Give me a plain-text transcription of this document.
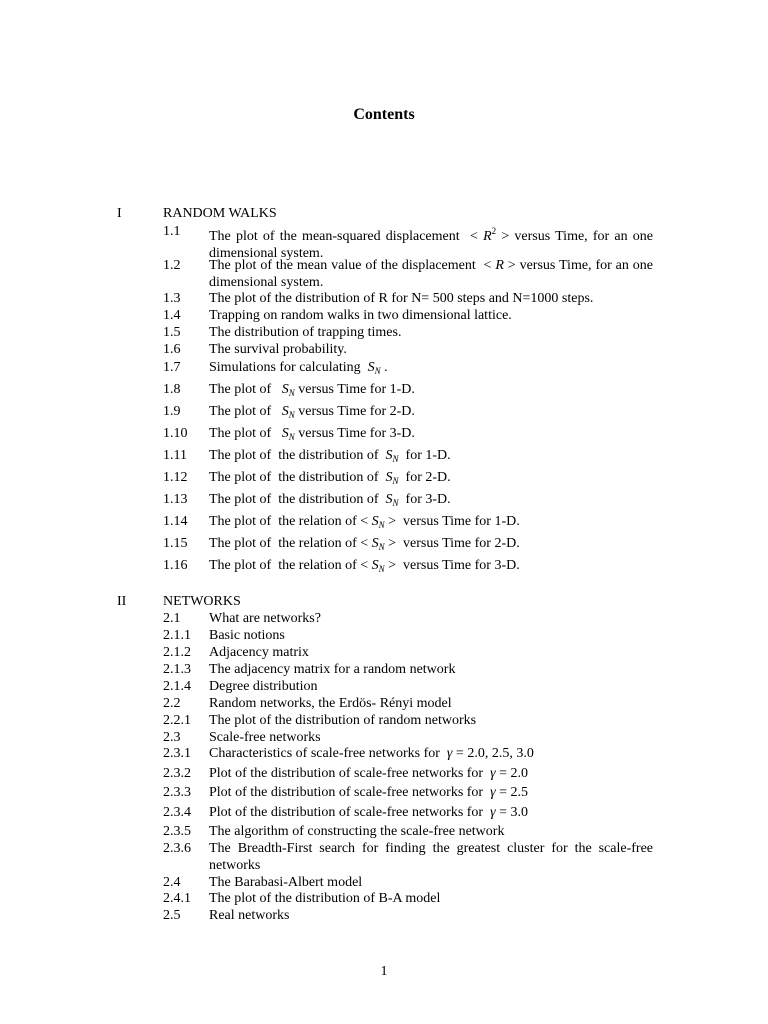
Contents
I	RANDOM WALKS
1.1 The plot of the mean-squared displacement  < $R^2$ > versus Time, for an one dimensional system.
1.2 The plot of the mean value of the displacement  < R > versus Time, for an one dimensional system.
1.3 The plot of the distribution of R for N= 500 steps and N=1000 steps.
1.4 Trapping on random walks in two dimensional lattice.
1.5 The distribution of trapping times.
1.6 The survival probability.
1.7 Simulations for calculating  $S_N$ .
1.8 The plot of   $S_N$ versus Time for 1-D.
1.9 The plot of   $S_N$ versus Time for 2-D.
1.10 The plot of   $S_N$ versus Time for 3-D.
1.11 The plot of  the distribution of  $S_N$  for 1-D.
1.12 The plot of  the distribution of  $S_N$  for 2-D.
1.13 The plot of  the distribution of  $S_N$  for 3-D.
1.14 The plot of  the relation of < $S_N$ >  versus Time for 1-D.
1.15 The plot of  the relation of < $S_N$ >  versus Time for 2-D.
1.16 The plot of  the relation of < $S_N$ >  versus Time for 3-D.
II	NETWORKS
2.1 What are networks?
2.1.1 Basic notions
2.1.2 Adjacency matrix
2.1.3 The adjacency matrix for a random network
2.1.4 Degree distribution
2.2 Random networks, the Erdös- Rényi model
2.2.1 The plot of the distribution of random networks
2.3 Scale-free networks
2.3.1 Characteristics of scale-free networks for  γ = 2.0, 2.5, 3.0
2.3.2 Plot of the distribution of scale-free networks for  γ = 2.0
2.3.3 Plot of the distribution of scale-free networks for  γ = 2.5
2.3.4 Plot of the distribution of scale-free networks for  γ = 3.0
2.3.5 The algorithm of constructing the scale-free network
2.3.6 The Breadth-First search for finding the greatest cluster for the scale-free networks
2.4 The Barabasi-Albert model
2.4.1 The plot of the distribution of B-A model
2.5 Real networks
1
